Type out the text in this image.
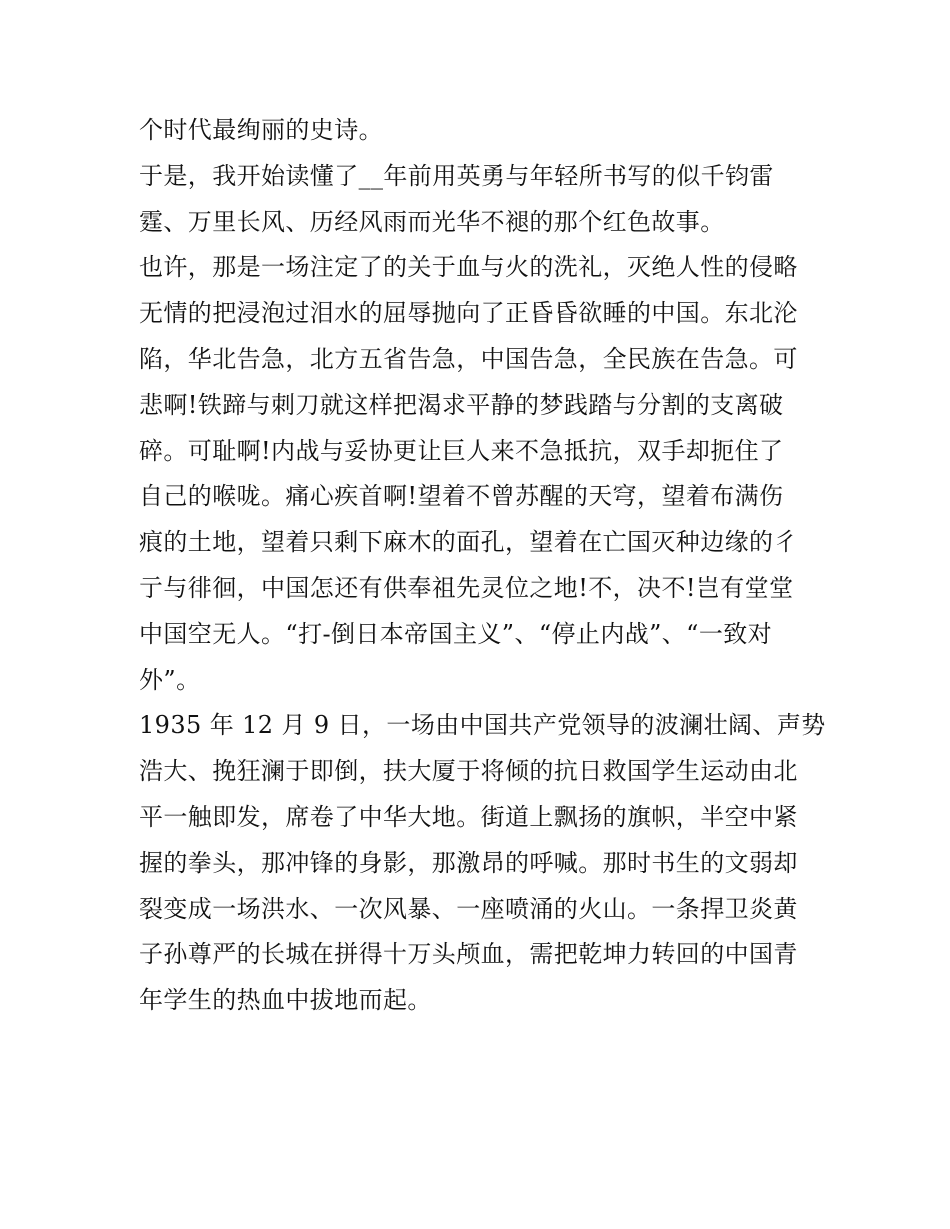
个时代最绚丽的史诗。
于是，我开始读懂了__年前用英勇与年轻所书写的似千钧雷
霆、万里长风、历经风雨而光华不褪的那个红色故事。
也许，那是一场注定了的关于血与火的洗礼，灭绝人性的侵略
无情的把浸泡过泪水的屈辱抛向了正昏昏欲睡的中国。东北沦
陷，华北告急，北方五省告急，中国告急，全民族在告急。可
悲啊!铁蹄与刺刀就这样把渴求平静的梦践踏与分割的支离破
碎。可耻啊!内战与妥协更让巨人来不急抵抗，双手却扼住了
自己的喉咙。痛心疾首啊!望着不曾苏醒的天穹，望着布满伤
痕的土地，望着只剩下麻木的面孔，望着在亡国灭种边缘的彳
亍与徘徊，中国怎还有供奉祖先灵位之地!不，决不!岂有堂堂
中国空无人。“打-倒日本帝国主义”、“停止内战”、“一致对
外”。
1935 年 12 月 9 日，一场由中国共产党领导的波澜壮阔、声势
浩大、挽狂澜于即倒，扶大厦于将倾的抗日救国学生运动由北
平一触即发，席卷了中华大地。街道上飘扬的旗帜，半空中紧
握的拳头，那冲锋的身影，那激昂的呼喊。那时书生的文弱却
裂变成一场洪水、一次风暴、一座喷涌的火山。一条捍卫炎黄
子孙尊严的长城在拼得十万头颅血，需把乾坤力转回的中国青
年学生的热血中拔地而起。
